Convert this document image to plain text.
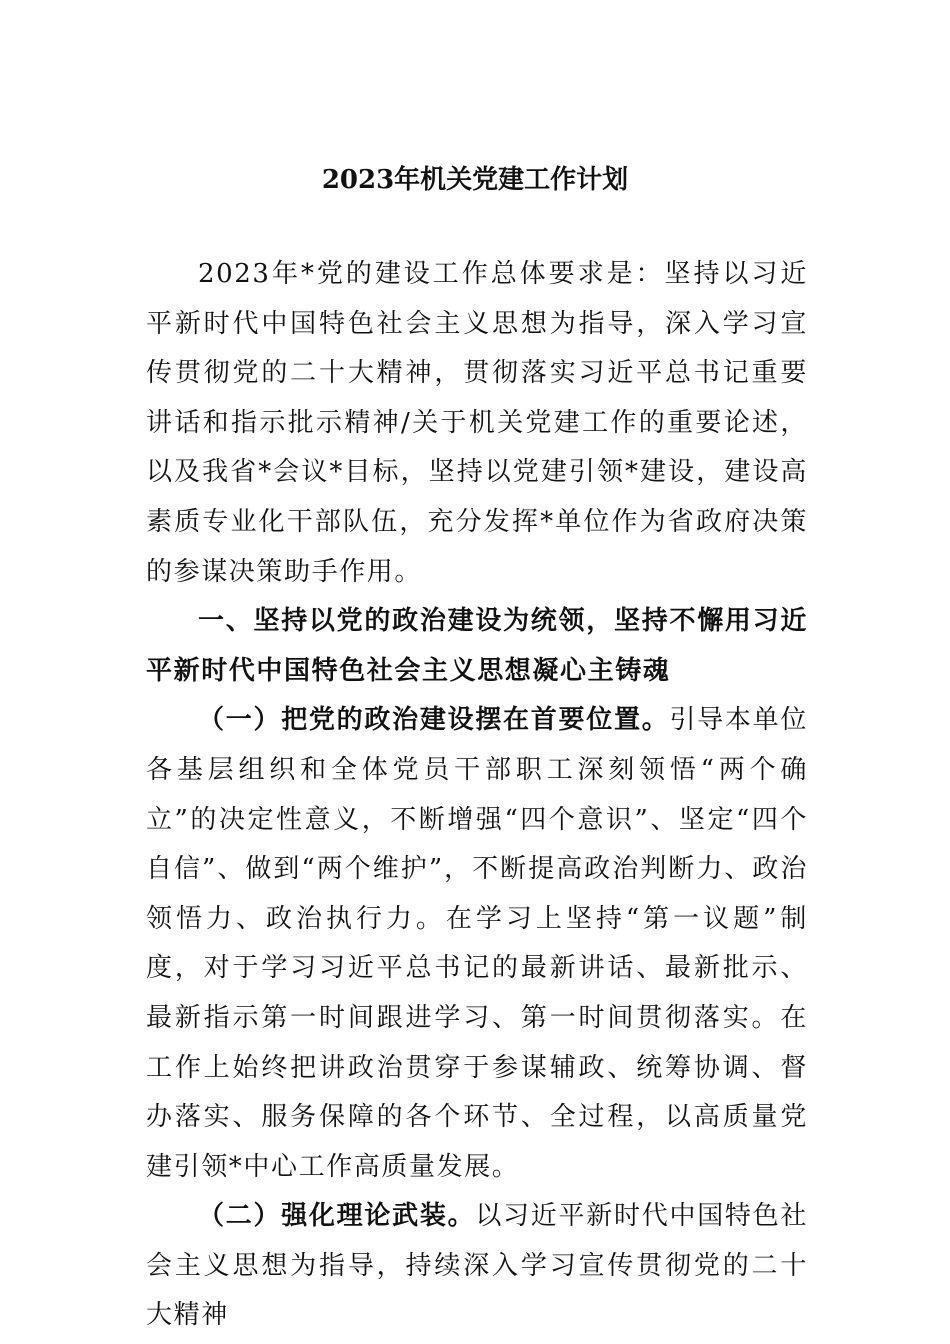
2023年机关党建工作计划

2023年*党的建设工作总体要求是：坚持以习近平新时代中国特色社会主义思想为指导，深入学习宣传贯彻党的二十大精神，贯彻落实习近平总书记重要讲话和指示批示精神/关于机关党建工作的重要论述，以及我省*会议*目标，坚持以党建引领*建设，建设高素质专业化干部队伍，充分发挥*单位作为省政府决策的参谋决策助手作用。

一、坚持以党的政治建设为统领，坚持不懈用习近平新时代中国特色社会主义思想凝心主铸魂

（一）把党的政治建设摆在首要位置。引导本单位各基层组织和全体党员干部职工深刻领悟“两个确立”的决定性意义，不断增强“四个意识”、坚定“四个自信”、做到“两个维护”，不断提高政治判断力、政治领悟力、政治执行力。在学习上坚持“第一议题”制度，对于学习习近平总书记的最新讲话、最新批示、最新指示第一时间跟进学习、第一时间贯彻落实。在工作上始终把讲政治贯穿于参谋辅政、统筹协调、督办落实、服务保障的各个环节、全过程，以高质量党建引领*中心工作高质量发展。

（二）强化理论武装。以习近平新时代中国特色社会主义思想为指导，持续深入学习宣传贯彻党的二十大精神
